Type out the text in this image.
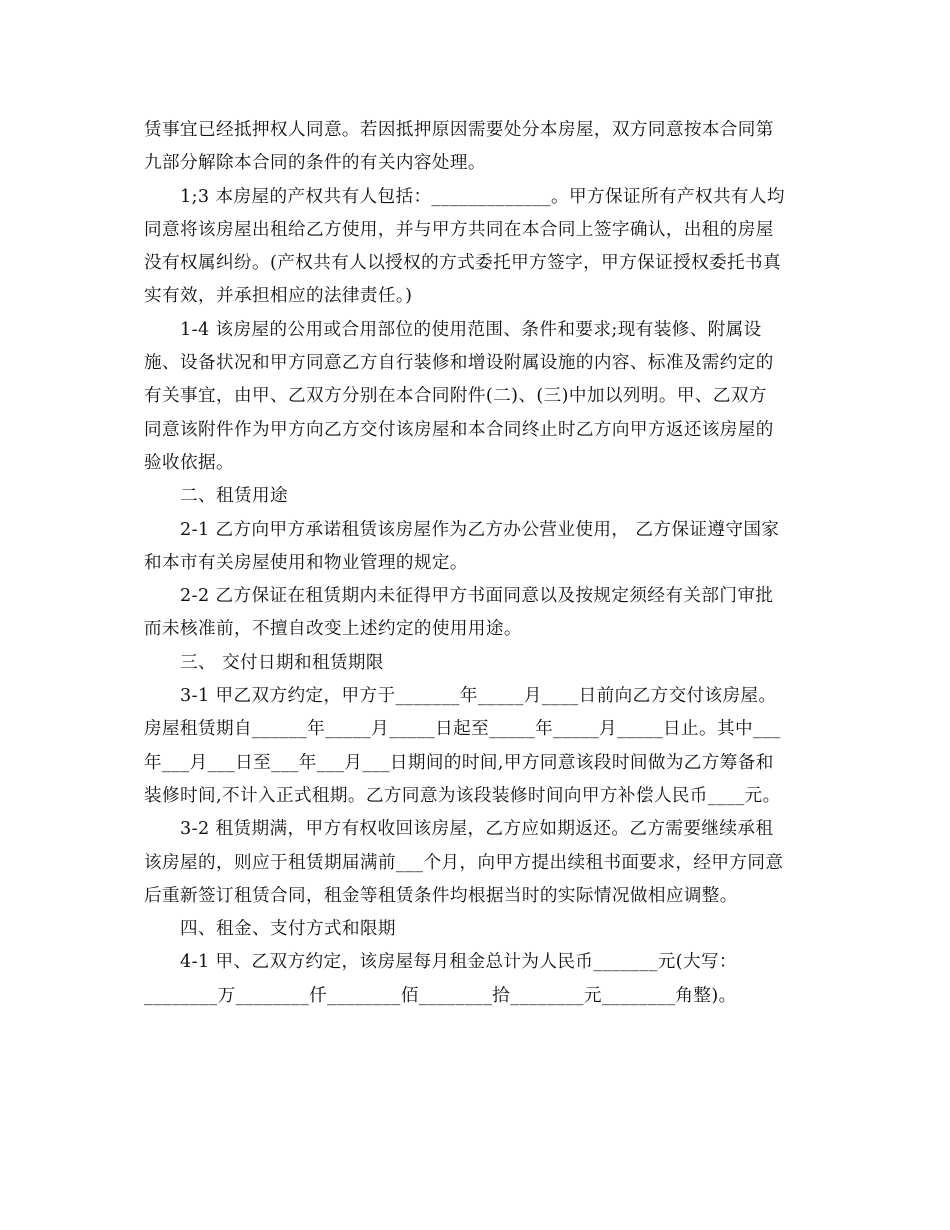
赁事宜已经抵押权人同意。若因抵押原因需要处分本房屋，双方同意按本合同第
九部分解除本合同的条件的有关内容处理。
1;3 本房屋的产权共有人包括：_____________。甲方保证所有产权共有人均
同意将该房屋出租给乙方使用，并与甲方共同在本合同上签字确认，出租的房屋
没有权属纠纷。(产权共有人以授权的方式委托甲方签字，甲方保证授权委托书真
实有效，并承担相应的法律责任。)
1-4 该房屋的公用或合用部位的使用范围、条件和要求;现有装修、附属设
施、设备状况和甲方同意乙方自行装修和增设附属设施的内容、标准及需约定的
有关事宜，由甲、乙双方分别在本合同附件(二)、(三)中加以列明。甲、乙双方
同意该附件作为甲方向乙方交付该房屋和本合同终止时乙方向甲方返还该房屋的
验收依据。
二、租赁用途
2-1 乙方向甲方承诺租赁该房屋作为乙方办公营业使用， 乙方保证遵守国家
和本市有关房屋使用和物业管理的规定。
2-2 乙方保证在租赁期内未征得甲方书面同意以及按规定须经有关部门审批
而未核准前，不擅自改变上述约定的使用用途。
三、 交付日期和租赁期限
3-1 甲乙双方约定，甲方于_______年_____月____日前向乙方交付该房屋。
房屋租赁期自______年_____月_____日起至_____年_____月_____日止。其中___
年___月___日至___年___月___日期间的时间,甲方同意该段时间做为乙方筹备和
装修时间,不计入正式租期。乙方同意为该段装修时间向甲方补偿人民币____元。
3-2 租赁期满，甲方有权收回该房屋，乙方应如期返还。乙方需要继续承租
该房屋的，则应于租赁期届满前___个月，向甲方提出续租书面要求，经甲方同意
后重新签订租赁合同，租金等租赁条件均根据当时的实际情况做相应调整。
四、租金、支付方式和限期
4-1 甲、乙双方约定，该房屋每月租金总计为人民币_______元(大写：
________万________仟________佰________拾________元________角整)。
